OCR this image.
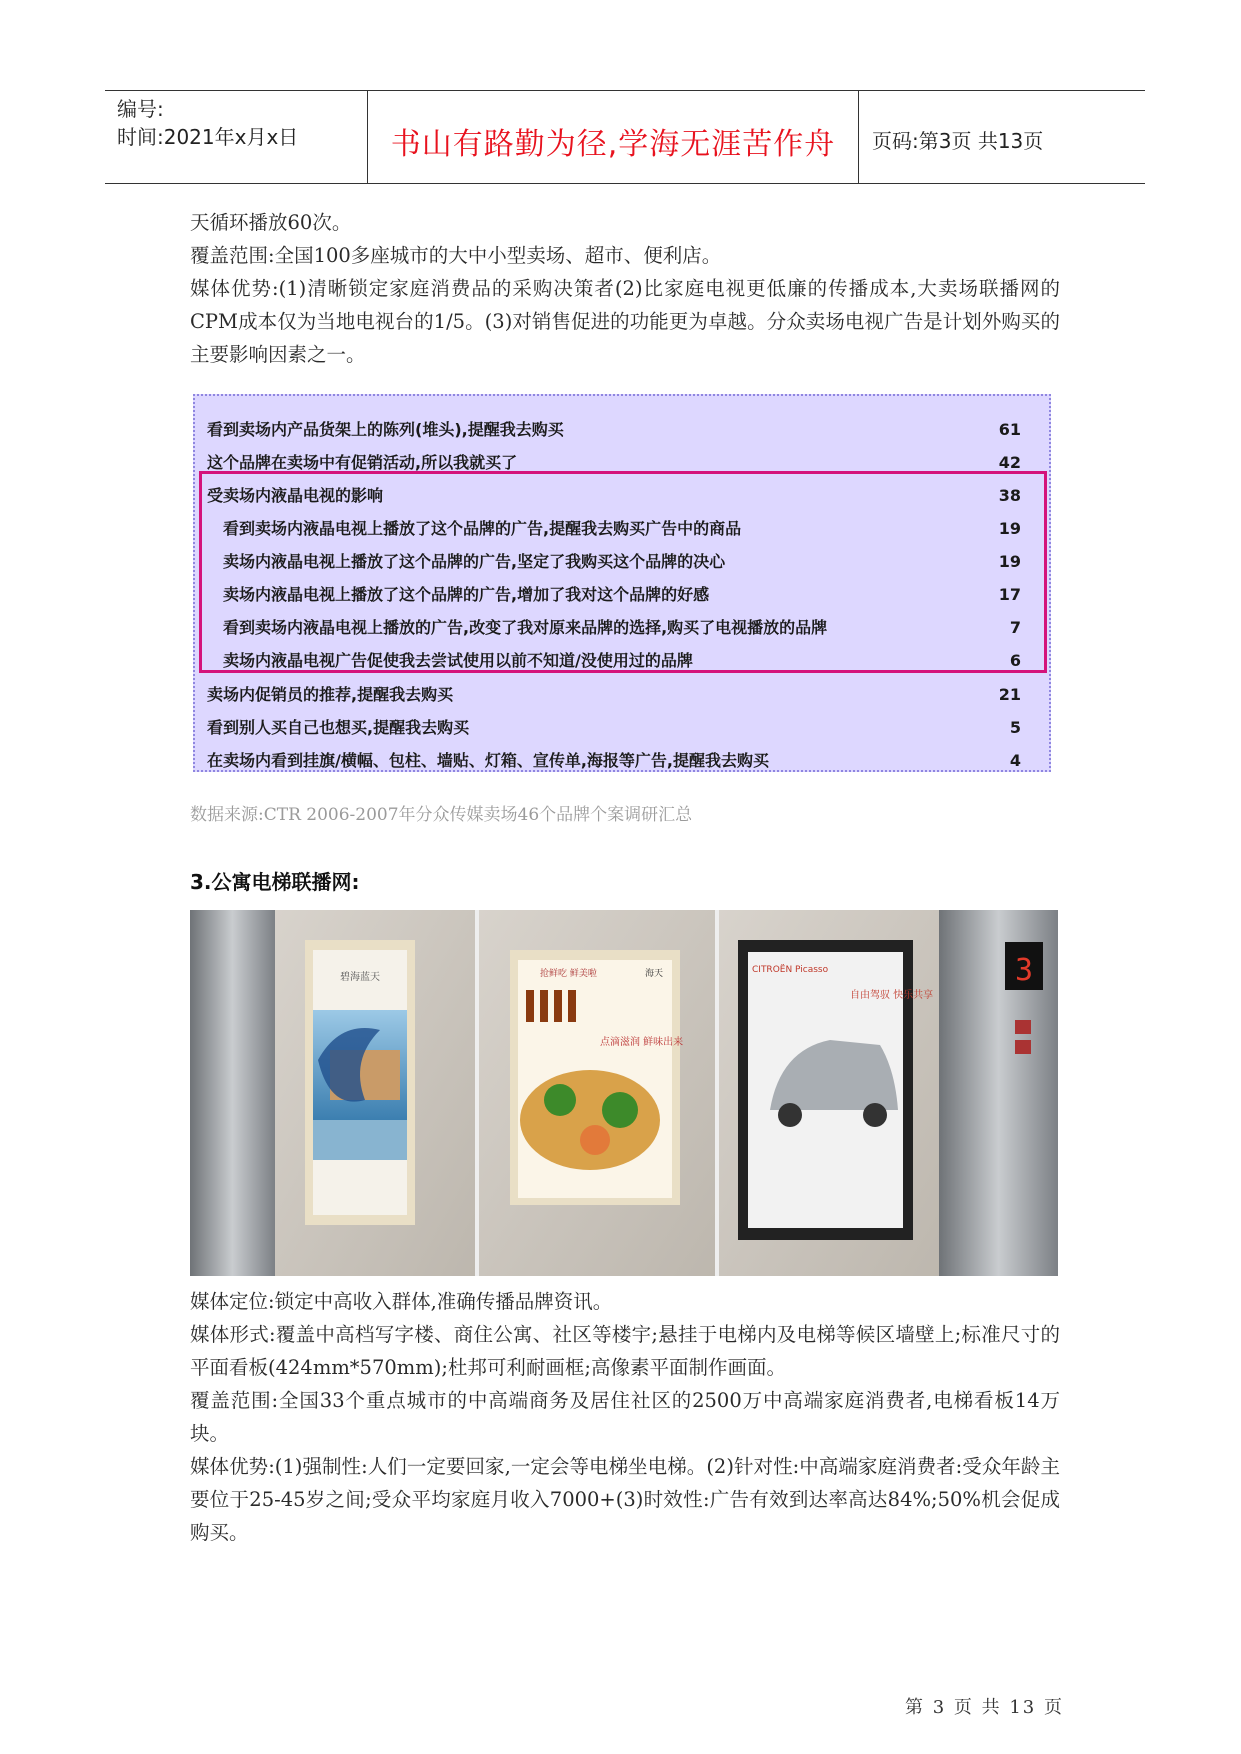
编号:
时间:2021年x月x日	书山有路勤为径,学海无涯苦作舟	页码:第3页 共13页

天循环播放60次。

覆盖范围:全国100多座城市的大中小型卖场、超市、便利店。

媒体优势:(1)清晰锁定家庭消费品的采购决策者(2)比家庭电视更低廉的传播成本,大卖场联播网的CPM成本仅为当地电视台的1/5。(3)对销售促进的功能更为卓越。分众卖场电视广告是计划外购买的主要影响因素之一。

看到卖场内产品货架上的陈列(堆头),提醒我去购买	61
这个品牌在卖场中有促销活动,所以我就买了	42
受卖场内液晶电视的影响	38
看到卖场内液晶电视上播放了这个品牌的广告,提醒我去购买广告中的商品	19
卖场内液晶电视上播放了这个品牌的广告,坚定了我购买这个品牌的决心	19
卖场内液晶电视上播放了这个品牌的广告,增加了我对这个品牌的好感	17
看到卖场内液晶电视上播放的广告,改变了我对原来品牌的选择,购买了电视播放的品牌	7
卖场内液晶电视广告促使我去尝试使用以前不知道/没使用过的品牌	6
卖场内促销员的推荐,提醒我去购买	21
看到别人买自己也想买,提醒我去购买	5
在卖场内看到挂旗/横幅、包柱、墙贴、灯箱、宣传单,海报等广告,提醒我去购买	4
数据来源:CTR 2006-2007年分众传媒卖场46个品牌个案调研汇总
3.公寓电梯联播网:
碧海蓝天	抢鲜吃 鲜美啦	海天
点滴滋润 鲜味出来
CITROËN Picasso
自由驾驭 快乐共享
3

媒体定位:锁定中高收入群体,准确传播品牌资讯。

媒体形式:覆盖中高档写字楼、商住公寓、社区等楼宇;悬挂于电梯内及电梯等候区墙壁上;标准尺寸的平面看板(424mm*570mm);杜邦可利耐画框;高像素平面制作画面。

覆盖范围:全国33个重点城市的中高端商务及居住社区的2500万中高端家庭消费者,电梯看板14万块。

媒体优势:(1)强制性:人们一定要回家,一定会等电梯坐电梯。(2)针对性:中高端家庭消费者:受众年龄主要位于25-45岁之间;受众平均家庭月收入7000+(3)时效性:广告有效到达率高达84%;50%机会促成购买。

第 3 页 共 13 页
